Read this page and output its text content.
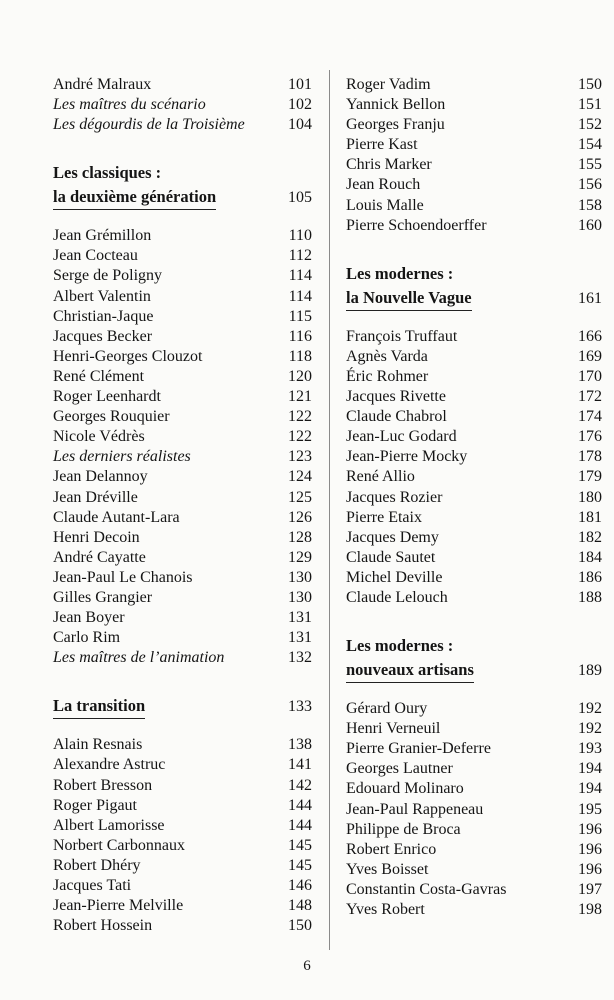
André Malraux	101
Les maîtres du scénario	102
Les dégourdis de la Troisième	104
Les classiques :
la deuxième génération	105
Jean Grémillon	110
Jean Cocteau	112
Serge de Poligny	114
Albert Valentin	114
Christian-Jaque	115
Jacques Becker	116
Henri-Georges Clouzot	118
René Clément	120
Roger Leenhardt	121
Georges Rouquier	122
Nicole Védrès	122
Les derniers réalistes	123
Jean Delannoy	124
Jean Dréville	125
Claude Autant-Lara	126
Henri Decoin	128
André Cayatte	129
Jean-Paul Le Chanois	130
Gilles Grangier	130
Jean Boyer	131
Carlo Rim	131
Les maîtres de l’animation	132
La transition	133
Alain Resnais	138
Alexandre Astruc	141
Robert Bresson	142
Roger Pigaut	144
Albert Lamorisse	144
Norbert Carbonnaux	145
Robert Dhéry	145
Jacques Tati	146
Jean-Pierre Melville	148
Robert Hossein	150
Roger Vadim	150
Yannick Bellon	151
Georges Franju	152
Pierre Kast	154
Chris Marker	155
Jean Rouch	156
Louis Malle	158
Pierre Schoendoerffer	160
Les modernes :
la Nouvelle Vague	161
François Truffaut	166
Agnès Varda	169
Éric Rohmer	170
Jacques Rivette	172
Claude Chabrol	174
Jean-Luc Godard	176
Jean-Pierre Mocky	178
René Allio	179
Jacques Rozier	180
Pierre Etaix	181
Jacques Demy	182
Claude Sautet	184
Michel Deville	186
Claude Lelouch	188
Les modernes :
nouveaux artisans	189
Gérard Oury	192
Henri Verneuil	192
Pierre Granier-Deferre	193
Georges Lautner	194
Edouard Molinaro	194
Jean-Paul Rappeneau	195
Philippe de Broca	196
Robert Enrico	196
Yves Boisset	196
Constantin Costa-Gavras	197
Yves Robert	198
6
